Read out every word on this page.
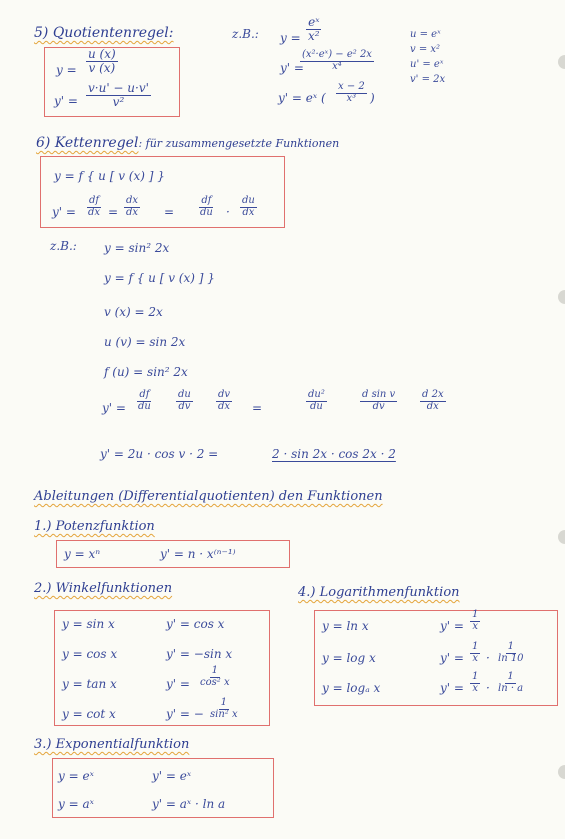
5) Quotientenregel:
$y = \frac{u (x)}{v (x)}$
$y' = \frac{v\cdot u' - u\cdot v'}{\text{v²}}$
z.B.: $y = \frac{\text{eˣ}}{\text{x²}}$
y' =
$\frac{\text{(x²·eˣ) − e² 2x}}{\text{x⁴}}$
y' = eˣ ( $\frac{x - 2}{\text{x³}}$ )
u = eˣ
v = x²
u' = eˣ
v' = 2x
6) Kettenregel: für zusammengesetzte Funktionen
y = f { u [ v (x) ] }
$y' = \frac{df}{dx} = \frac{dx}{dx} = \frac{df}{du} \cdot \frac{du}{dx}$
z.B.: y = sin² 2x
y = f { u [ v (x) ] }
v (x) = 2x
u (v) = sin 2x
f (u) = sin² 2x
$y' = \frac{df}{du} \frac{du}{dv} \frac{dv}{dx}$ =	$\frac{\text{du²}}{du}$	$\frac{\text{d sin v}}{dv} \frac{d 2x}{dx}$
y' = 2u · cos v · 2 =	2 · sin 2x · cos 2x · 2
Ableitungen (Differentialquotienten) den Funktionen
1.) Potenzfunktion
y = xⁿ	y' = n · x⁽ⁿ⁻¹⁾
2.) Winkelfunktionen
y = sin x	y' = cos x
y = cos x	y' = −sin x
y = tan x	$y' = \frac{1}{\text{cos² x}}$
y = cot x	y' = − $\frac{1}{\text{sin² x}}$
3.) Exponentialfunktion
y = eˣ	y' = eˣ
y = aˣ	y' = aˣ · ln a
4.) Logarithmenfunktion
y = ln x	$y' = \frac{1}{x}$
y = log x	$y' = \frac{1}{x} \cdot \frac{1}{\ln 10}$
y = logₐ x	$y' = \frac{1}{x} \cdot \frac{1}{\ln \cdot a}$
